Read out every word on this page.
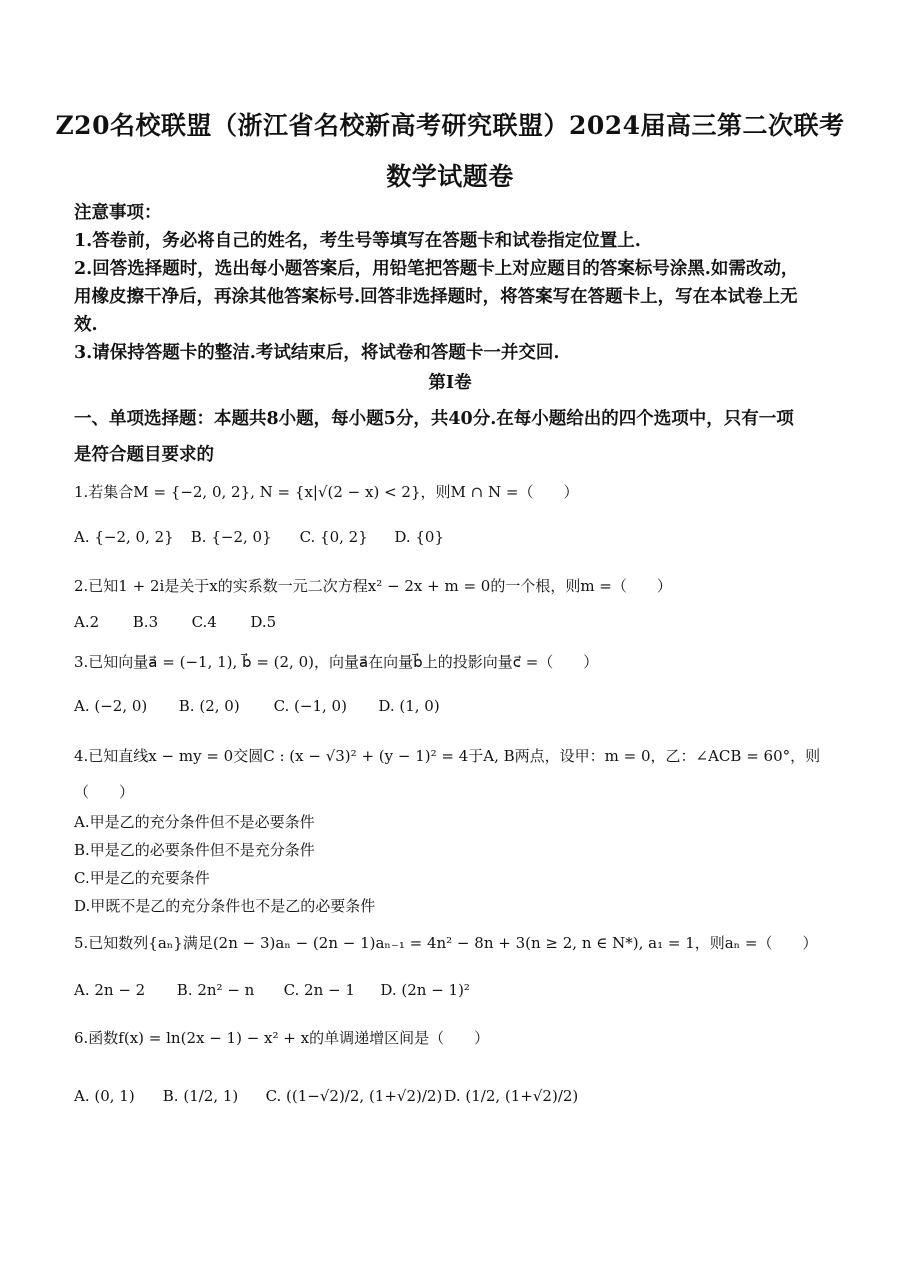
Z20名校联盟（浙江省名校新高考研究联盟）2024届高三第二次联考
数学试题卷
注意事项：
1.答卷前，务必将自己的姓名，考生号等填写在答题卡和试卷指定位置上.
2.回答选择题时，选出每小题答案后，用铅笔把答题卡上对应题目的答案标号涂黑.如需改动，
用橡皮擦干净后，再涂其他答案标号.回答非选择题时，将答案写在答题卡上，写在本试卷上无
效.
3.请保持答题卡的整洁.考试结束后，将试卷和答题卡一并交回.
第Ⅰ卷
一、单项选择题：本题共8小题，每小题5分，共40分.在每小题给出的四个选项中，只有一项
是符合题目要求的
1.若集合M = {−2, 0, 2}, N = {x|√(2 − x) < 2}，则M ∩ N =（　　）
A. {−2, 0, 2} B. {−2, 0} C. {0, 2} D. {0}
2.已知1 + 2i是关于x的实系数一元二次方程x² − 2x + m = 0的一个根，则m =（　　）
A.2 B.3 C.4 D.5
3.已知向量a⃗ = (−1, 1), b⃗ = (2, 0)，向量a⃗在向量b⃗上的投影向量c⃗ =（　　）
A. (−2, 0) B. (2, 0) C. (−1, 0) D. (1, 0)
4.已知直线x − my = 0交圆C : (x − √3)² + (y − 1)² = 4于A, B两点，设甲：m = 0，乙：∠ACB = 60°，则
（　　）
A.甲是乙的充分条件但不是必要条件
B.甲是乙的必要条件但不是充分条件
C.甲是乙的充要条件
D.甲既不是乙的充分条件也不是乙的必要条件
5.已知数列{aₙ}满足(2n − 3)aₙ − (2n − 1)aₙ₋₁ = 4n² − 8n + 3(n ≥ 2, n ∈ N*), a₁ = 1，则aₙ =（　　）
A. 2n − 2 B. 2n² − n C. 2n − 1 D. (2n − 1)²
6.函数f(x) = ln(2x − 1) − x² + x的单调递增区间是（　　）
A. (0, 1) B. (1/2, 1) C. ((1−√2)/2, (1+√2)/2) D. (1/2, (1+√2)/2)
